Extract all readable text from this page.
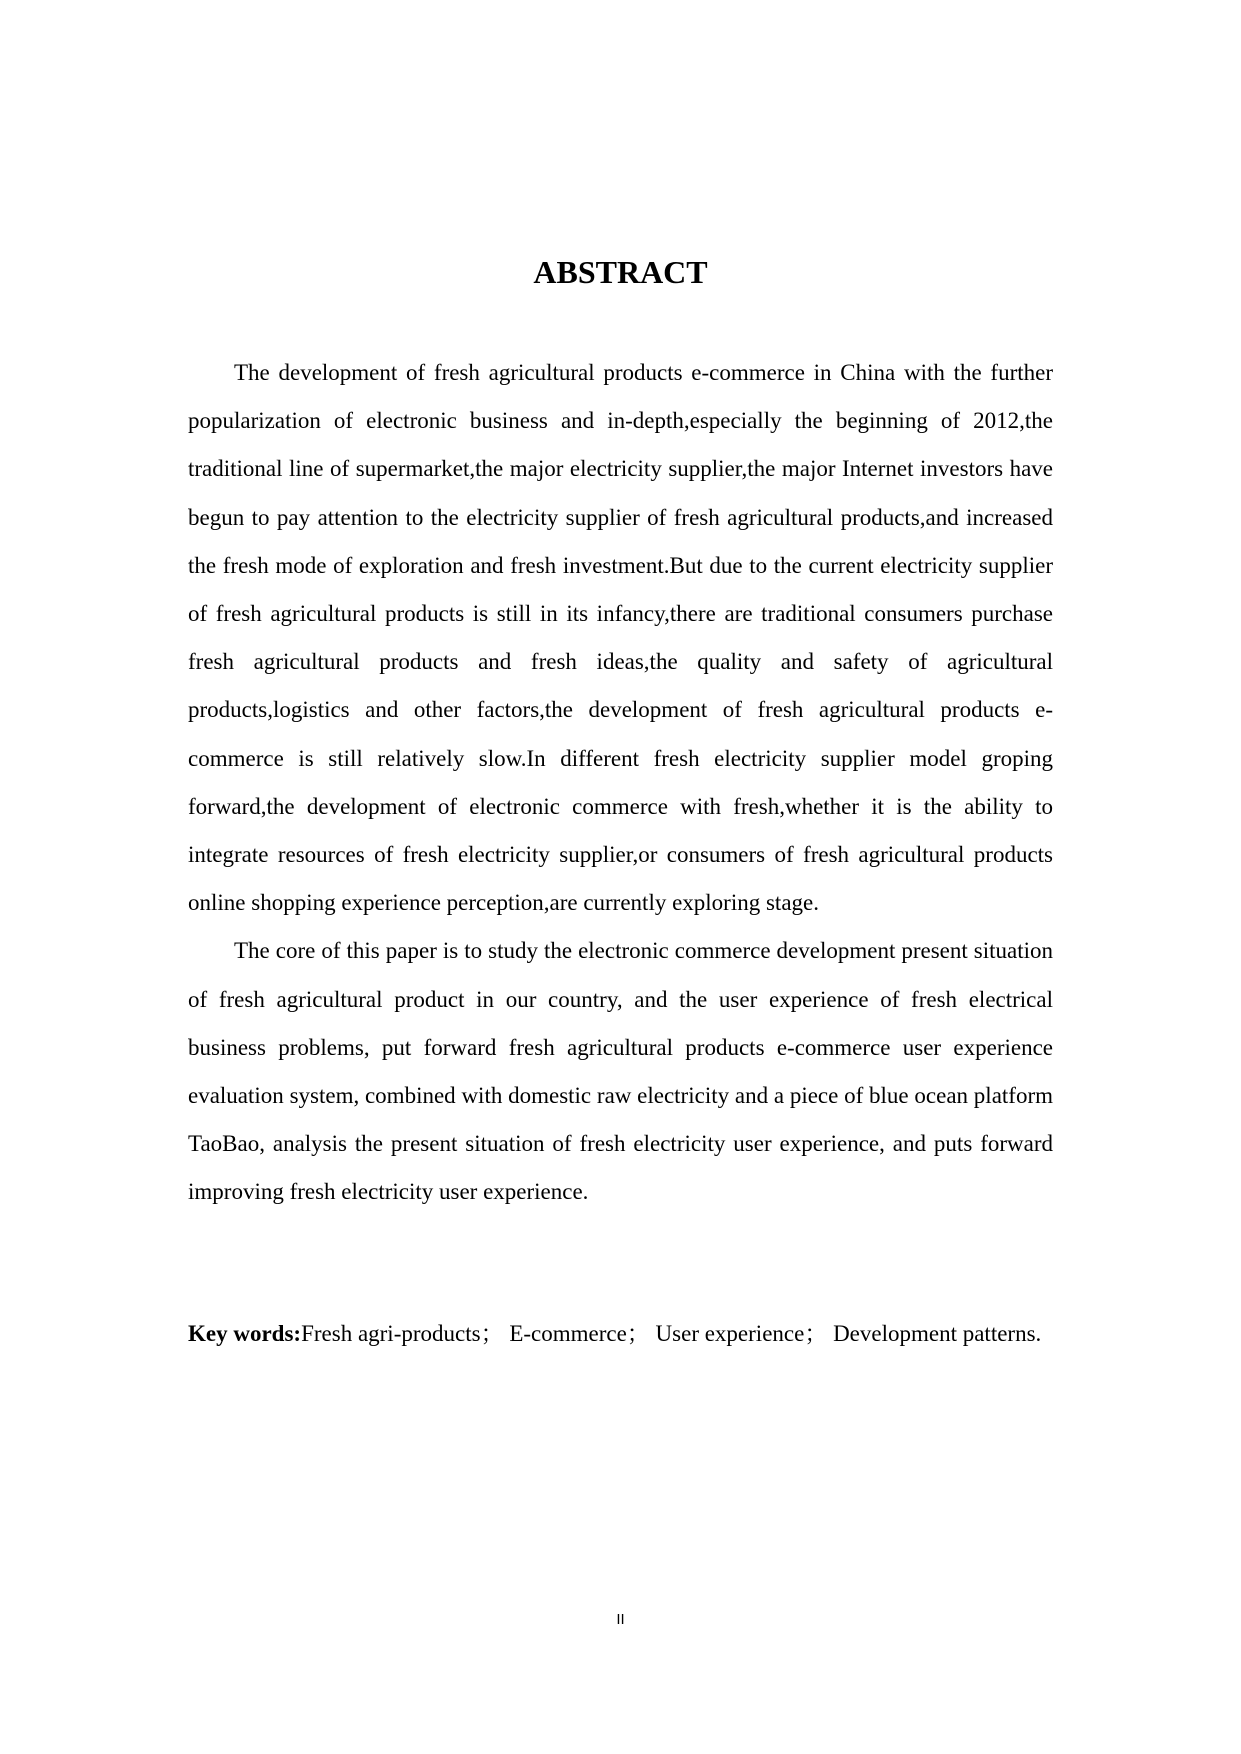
ABSTRACT

The development of fresh agricultural products e-commerce in China with the further popularization of electronic business and in-depth,especially the beginning of 2012,the traditional line of supermarket,the major electricity supplier,the major Internet investors have begun to pay attention to the electricity supplier of fresh agricultural products,and increased the fresh mode of exploration and fresh investment.But due to the current electricity supplier of fresh agricultural products is still in its infancy,there are traditional consumers purchase fresh agricultural products and fresh ideas,the quality and safety of agricultural products,logistics and other factors,the development of fresh agricultural products e-commerce is still relatively slow.In different fresh electricity supplier model groping forward,the development of electronic commerce with fresh,whether it is the ability to integrate resources of fresh electricity supplier,or consumers of fresh agricultural products online shopping experience perception,are currently exploring stage.

The core of this paper is to study the electronic commerce development present situation of fresh agricultural product in our country, and the user experience of fresh electrical business problems, put forward fresh agricultural products e-commerce user experience evaluation system, combined with domestic raw electricity and a piece of blue ocean platform TaoBao, analysis the present situation of fresh electricity user experience, and puts forward improving fresh electricity user experience.

Key words:Fresh agri-products； E-commerce； User experience； Development patterns.

II
